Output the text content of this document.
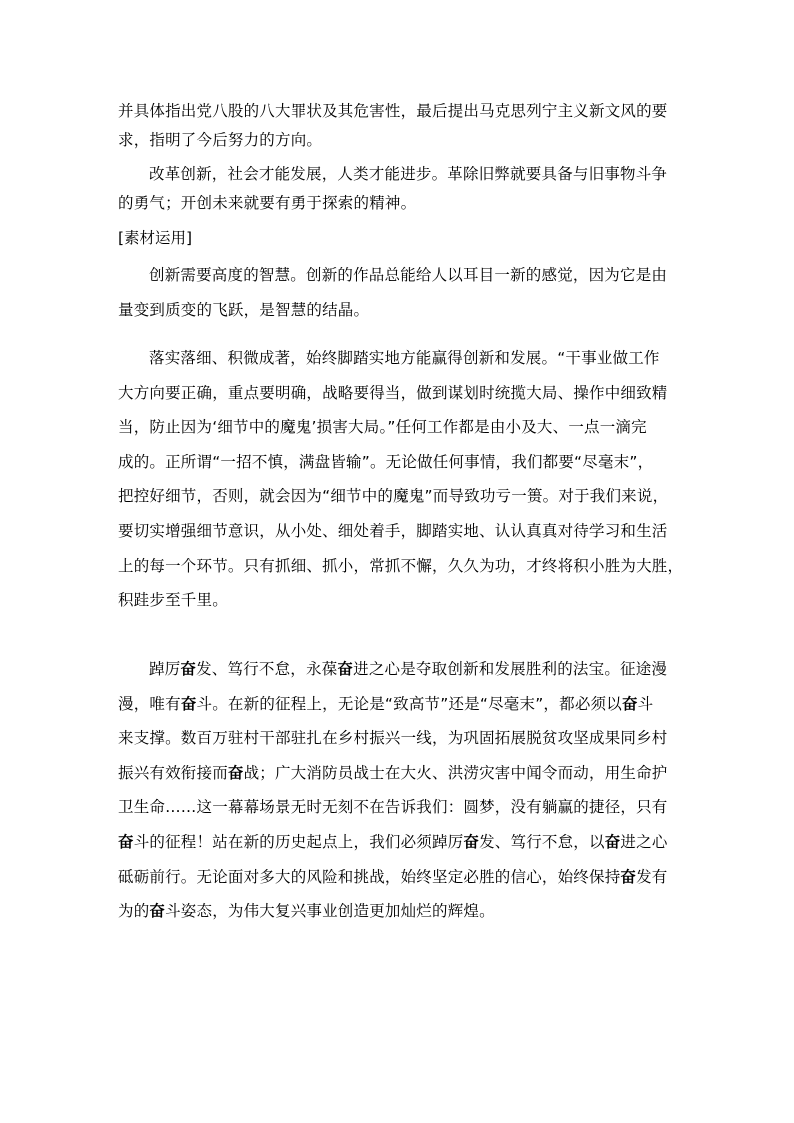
并具体指出党八股的八大罪状及其危害性，最后提出马克思列宁主义新文风的要
求，指明了今后努力的方向。
改革创新，社会才能发展，人类才能进步。革除旧弊就要具备与旧事物斗争
的勇气；开创未来就要有勇于探索的精神。
[素材运用]
创新需要高度的智慧。创新的作品总能给人以耳目一新的感觉，因为它是由
量变到质变的飞跃，是智慧的结晶。
落实落细、积微成著，始终脚踏实地方能赢得创新和发展。“干事业做工作
大方向要正确，重点要明确，战略要得当，做到谋划时统揽大局、操作中细致精
当，防止因为‘细节中的魔鬼’损害大局。”任何工作都是由小及大、一点一滴完
成的。正所谓“一招不慎，满盘皆输”。无论做任何事情，我们都要“尽毫末”，
把控好细节，否则，就会因为“细节中的魔鬼”而导致功亏一篑。对于我们来说，
要切实增强细节意识，从小处、细处着手，脚踏实地、认认真真对待学习和生活
上的每一个环节。只有抓细、抓小，常抓不懈，久久为功，才终将积小胜为大胜，
积跬步至千里。
踔厉奋发、笃行不怠，永葆奋进之心是夺取创新和发展胜利的法宝。征途漫
漫，唯有奋斗。在新的征程上，无论是“致高节”还是“尽毫末”，都必须以奋斗
来支撑。数百万驻村干部驻扎在乡村振兴一线，为巩固拓展脱贫攻坚成果同乡村
振兴有效衔接而奋战；广大消防员战士在大火、洪涝灾害中闻令而动，用生命护
卫生命……这一幕幕场景无时无刻不在告诉我们：圆梦，没有躺赢的捷径，只有
奋斗的征程！站在新的历史起点上，我们必须踔厉奋发、笃行不怠，以奋进之心
砥砺前行。无论面对多大的风险和挑战，始终坚定必胜的信心，始终保持奋发有
为的奋斗姿态，为伟大复兴事业创造更加灿烂的辉煌。
